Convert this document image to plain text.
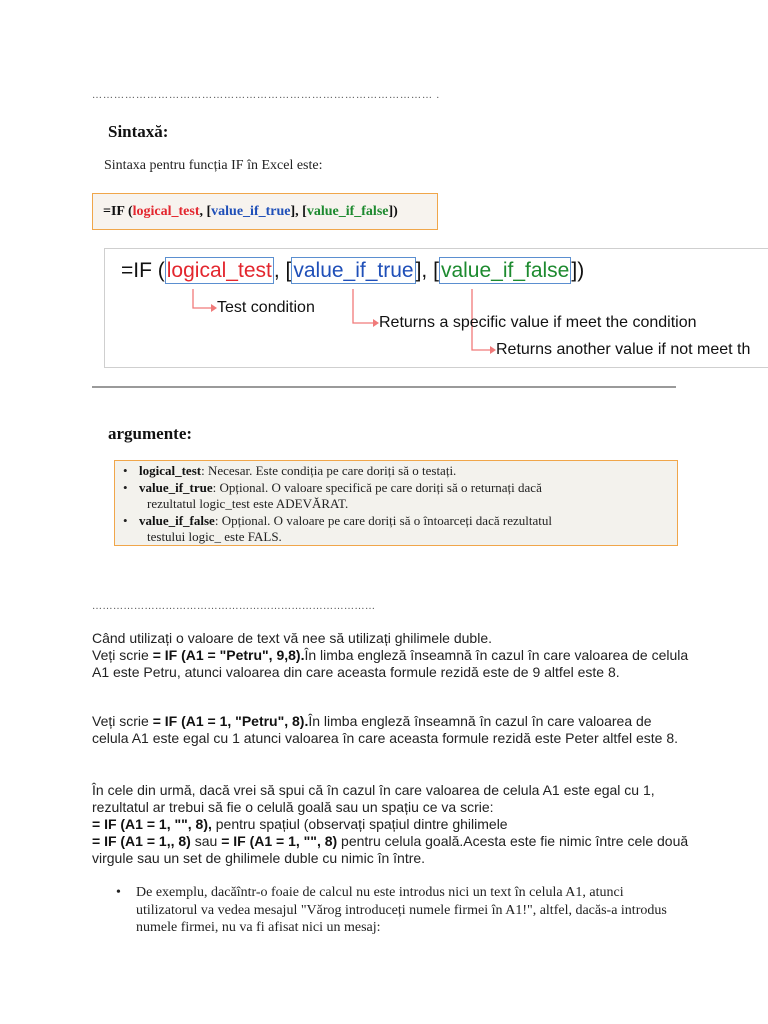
………………………………………………………………………………… .
Sintaxă:
Sintaxa pentru funcția IF în Excel este:
=IF (logical_test, [value_if_true], [value_if_false])
=IF (logical_test, [value_if_true], [value_if_false])
Test condition
Returns a specific value if meet the condition
Returns another value if not meet th
argumente:
• logical_test: Necesar. Este condiția pe care doriți să o testați.
• value_if_true: Opțional. O valoare specifică pe care doriți să o returnați dacă
rezultatul logic_test este ADEVĂRAT.
• value_if_false: Opțional. O valoare pe care doriți să o întoarceți dacă rezultatul
testului logic_ este FALS.
………………………………………………………………………
Când utilizați o valoare de text vă nee să utilizați ghilimele duble.
Veți scrie = IF (A1 = "Petru", 9,8).În limba engleză înseamnă în cazul în care valoarea de celula A1 este Petru, atunci valoarea din care aceasta formule rezidă este de 9 altfel este 8.
Veți scrie = IF (A1 = 1, "Petru", 8).În limba engleză înseamnă în cazul în care valoarea de celula A1 este egal cu 1 atunci valoarea în care aceasta formule rezidă este Peter altfel este 8.
În cele din urmă, dacă vrei să spui că în cazul în care valoarea de celula A1 este egal cu 1, rezultatul ar trebui să fie o celulă goală sau un spațiu ce va scrie:
= IF (A1 = 1, "", 8), pentru spațiul (observați spațiul dintre ghilimele
= IF (A1 = 1,, 8) sau = IF (A1 = 1, "", 8) pentru celula goală.Acesta este fie nimic între cele două virgule sau un set de ghilimele duble cu nimic în între.
•	De exemplu, dacăîntr-o foaie de calcul nu este introdus nici un text în celula A1, atunci utilizatorul va vedea mesajul "Vărog introduceți numele firmei în A1!", altfel, dacăs-a introdus numele firmei, nu va fi afisat nici un mesaj:
